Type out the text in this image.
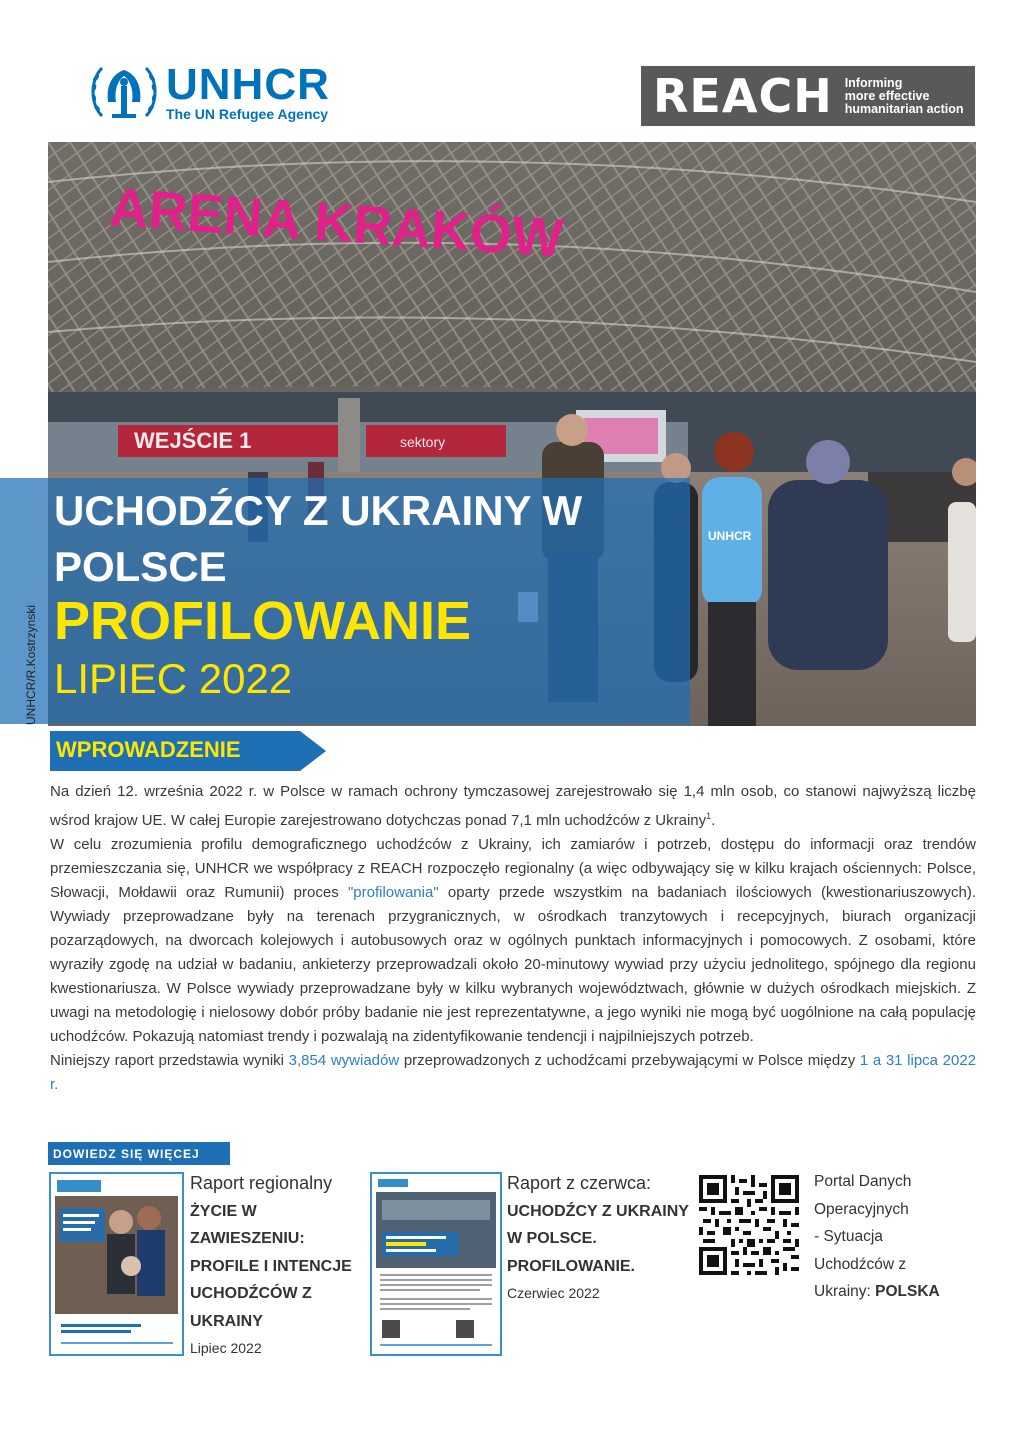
UNHCR
The UN Refugee Agency	REACH Informing
more effective
humanitarian action
ARENA KRAKÓW
WEJŚCIE 1	sektory
UNHCR
UCHODŹCY Z UKRAINY W
POLSCE
PROFILOWANIE
LIPIEC 2022
UNHCR/R.Kostrzynski
WPROWADZENIE

Na dzień 12. września 2022 r. w Polsce w ramach ochrony tymczasowej zarejestrowało się 1,4 mln osob, co stanowi najwyższą liczbę wśrod krajow UE. W całej Europie zarejestrowano dotychczas ponad 7,1 mln uchodźców z Ukrainy$^1$.

W celu zrozumienia profilu demograficznego uchodźców z Ukrainy, ich zamiarów i potrzeb, dostępu do informacji oraz trendów przemieszczania się, UNHCR we współpracy z REACH rozpoczęło regionalny (a więc odbywający się w kilku krajach ościennych: Polsce, Słowacji, Mołdawii oraz Rumunii) proces "profilowania" oparty przede wszystkim na badaniach ilościowych (kwestionariuszowych). Wywiady przeprowadzane były na terenach przygranicznych, w ośrodkach tranzytowych i recepcyjnych, biurach organizacji pozarządowych, na dworcach kolejowych i autobusowych oraz w ogólnych punktach informacyjnych i pomocowych. Z osobami, które wyraziły zgodę na udział w badaniu, ankieterzy przeprowadzali około 20-minutowy wywiad przy użyciu jednolitego, spójnego dla regionu kwestionariusza. W Polsce wywiady przeprowadzane były w kilku wybranych województwach, głównie w dużych ośrodkach miejskich. Z uwagi na metodologię i nielosowy dobór próby badanie nie jest reprezentatywne, a jego wyniki nie mogą być uogólnione na całą populację uchodźców. Pokazują natomiast trendy i pozwalają na zidentyfikowanie tendencji i najpilniejszych potrzeb.

Niniejszy raport przedstawia wyniki 3,854 wywiadów przeprowadzonych z uchodźcami przebywającymi w Polsce między 1 a 31 lipca 2022 r.

DOWIEDZ SIĘ WIĘCEJ
Raport regionalny
ŻYCIE W
ZAWIESZENIU:
PROFILE I INTENCJE
UCHODŹCÓW Z
UKRAINY
Lipiec 2022
Raport z czerwca:
UCHODŹCY Z UKRAINY
W POLSCE.
PROFILOWANIE.
Czerwiec 2022
Portal Danych
Operacyjnych
- Sytuacja
Uchodźców z
Ukrainy: POLSKA
